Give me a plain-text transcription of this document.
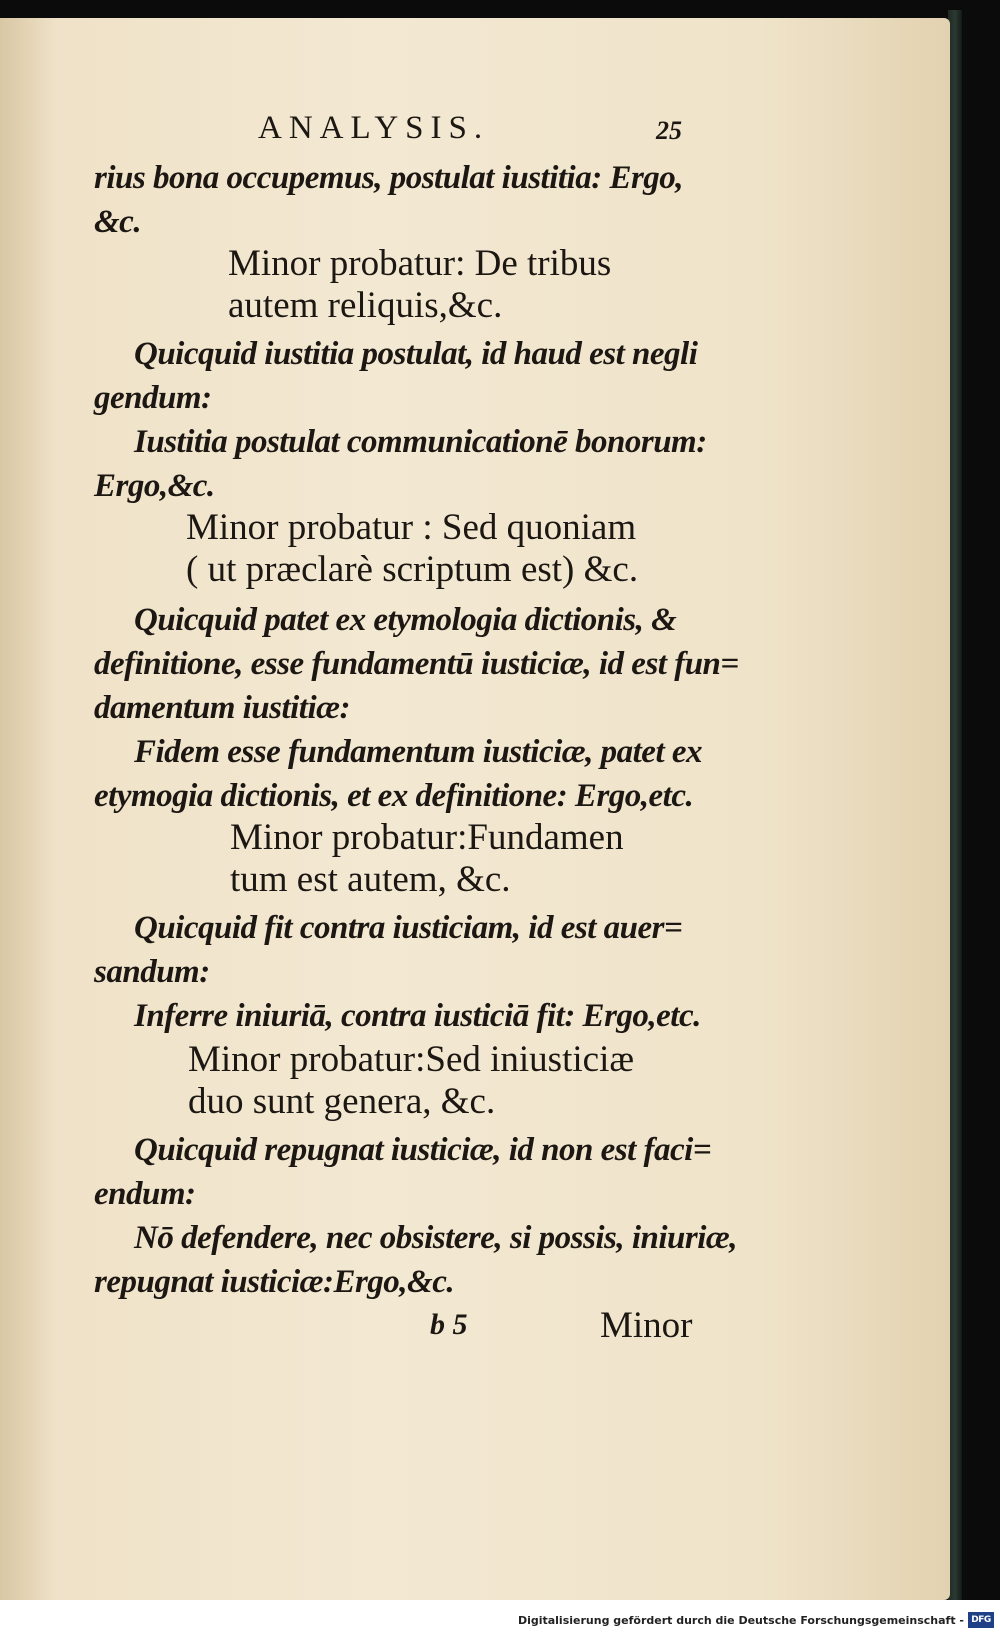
ANALYSIS.	25
rius bona occupemus, postulat iustitia: Ergo,
&c.
Minor probatur: De tribus
autem reliquis,&c.
Quicquid iustitia postulat, id haud est negli
gendum:
Iustitia postulat communicationē bonorum:
Ergo,&c.
Minor probatur : Sed quoniam
( ut præclarè scriptum est) &c.
Quicquid patet ex etymologia dictionis, &
definitione, esse fundamentū iusticiæ, id est fun=
damentum iustitiæ:
Fidem esse fundamentum iusticiæ, patet ex
etymogia dictionis, et ex definitione: Ergo,etc.
Minor probatur:Fundamen
tum est autem, &c.
Quicquid fit contra iusticiam, id est auer=
sandum:
Inferre iniuriā, contra iusticiā fit: Ergo,etc.
Minor probatur:Sed iniusticiæ
duo sunt genera, &c.
Quicquid repugnat iusticiæ, id non est faci=
endum:
Nō defendere, nec obsistere, si possis, iniuriæ,
repugnat iusticiæ:Ergo,&c.
b 5	Minor
Digitalisierung gefördert durch die Deutsche Forschungsgemeinschaft - DFG
